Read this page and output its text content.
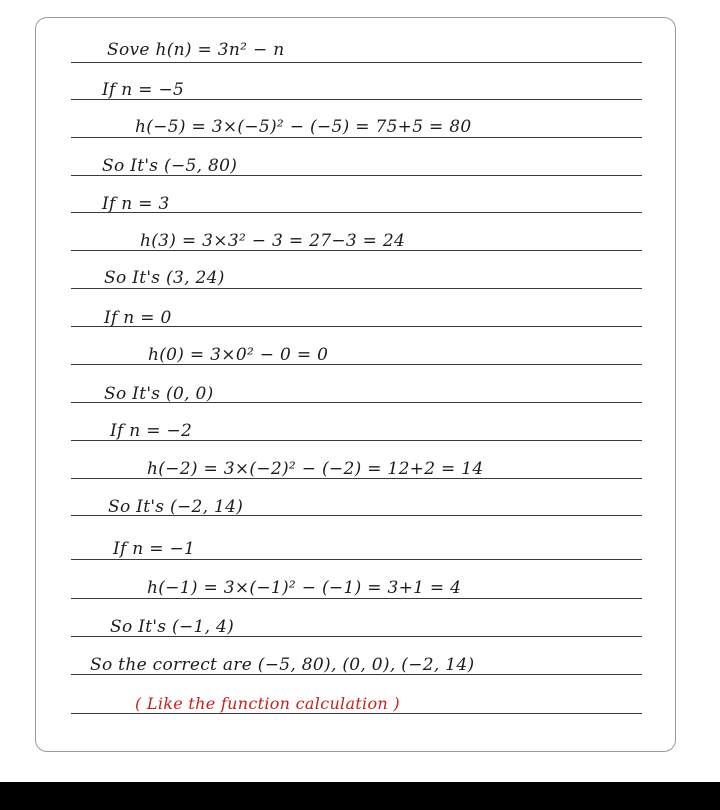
Sove h(n) = 3n² − n
If n = −5
h(−5) = 3×(−5)² − (−5) = 75+5 = 80
So It's (−5, 80)
If n = 3
h(3) = 3×3² − 3 = 27−3 = 24
So It's (3, 24)
If n = 0
h(0) = 3×0² − 0 = 0
So It's (0, 0)
If n = −2
h(−2) = 3×(−2)² − (−2) = 12+2 = 14
So It's (−2, 14)
If n = −1
h(−1) = 3×(−1)² − (−1) = 3+1 = 4
So It's (−1, 4)
So the correct are (−5, 80), (0, 0), (−2, 14)
( Like the function calculation )
